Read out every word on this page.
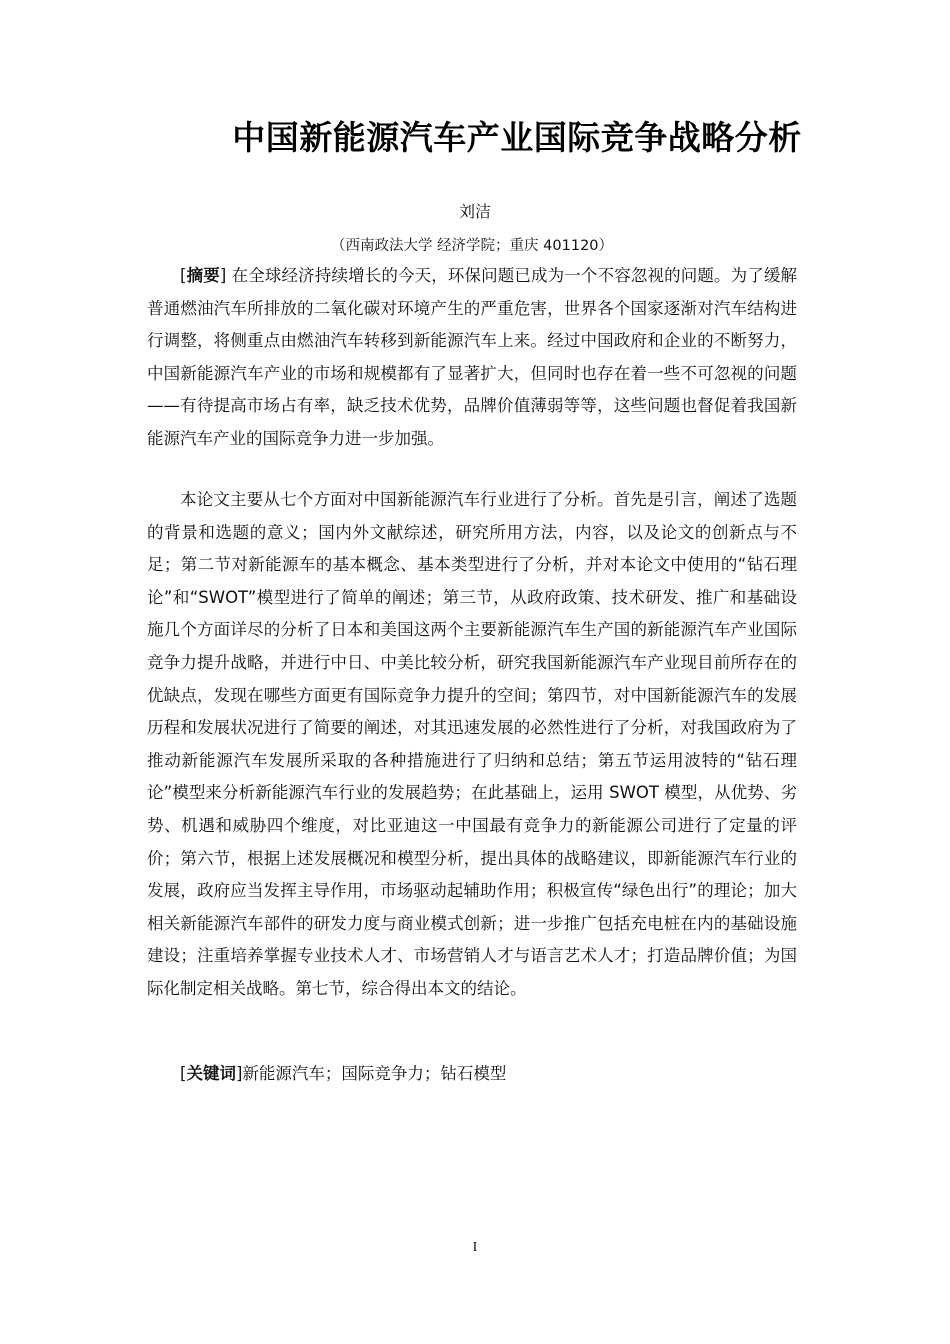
中国新能源汽车产业国际竞争战略分析
刘洁
（西南政法大学 经济学院；重庆 401120）

[摘要] 在全球经济持续增长的今天，环保问题已成为一个不容忽视的问题。为了缓解普通燃油汽车所排放的二氧化碳对环境产生的严重危害，世界各个国家逐渐对汽车结构进行调整，将侧重点由燃油汽车转移到新能源汽车上来。经过中国政府和企业的不断努力，中国新能源汽车产业的市场和规模都有了显著扩大，但同时也存在着一些不可忽视的问题——有待提高市场占有率，缺乏技术优势，品牌价值薄弱等等，这些问题也督促着我国新能源汽车产业的国际竞争力进一步加强。

本论文主要从七个方面对中国新能源汽车行业进行了分析。首先是引言，阐述了选题的背景和选题的意义；国内外文献综述，研究所用方法，内容，以及论文的创新点与不足；第二节对新能源车的基本概念、基本类型进行了分析，并对本论文中使用的“钻石理论”和“SWOT”模型进行了简单的阐述；第三节，从政府政策、技术研发、推广和基础设施几个方面详尽的分析了日本和美国这两个主要新能源汽车生产国的新能源汽车产业国际竞争力提升战略，并进行中日、中美比较分析，研究我国新能源汽车产业现目前所存在的优缺点，发现在哪些方面更有国际竞争力提升的空间；第四节，对中国新能源汽车的发展历程和发展状况进行了简要的阐述，对其迅速发展的必然性进行了分析，对我国政府为了推动新能源汽车发展所采取的各种措施进行了归纳和总结；第五节运用波特的“钻石理论”模型来分析新能源汽车行业的发展趋势；在此基础上，运用 SWOT 模型，从优势、劣势、机遇和威胁四个维度，对比亚迪这一中国最有竞争力的新能源公司进行了定量的评价；第六节，根据上述发展概况和模型分析，提出具体的战略建议，即新能源汽车行业的发展，政府应当发挥主导作用，市场驱动起辅助作用；积极宣传“绿色出行”的理论；加大相关新能源汽车部件的研发力度与商业模式创新；进一步推广包括充电桩在内的基础设施建设；注重培养掌握专业技术人才、市场营销人才与语言艺术人才；打造品牌价值；为国际化制定相关战略。第七节，综合得出本文的结论。

[关键词]新能源汽车；国际竞争力；钻石模型

I
